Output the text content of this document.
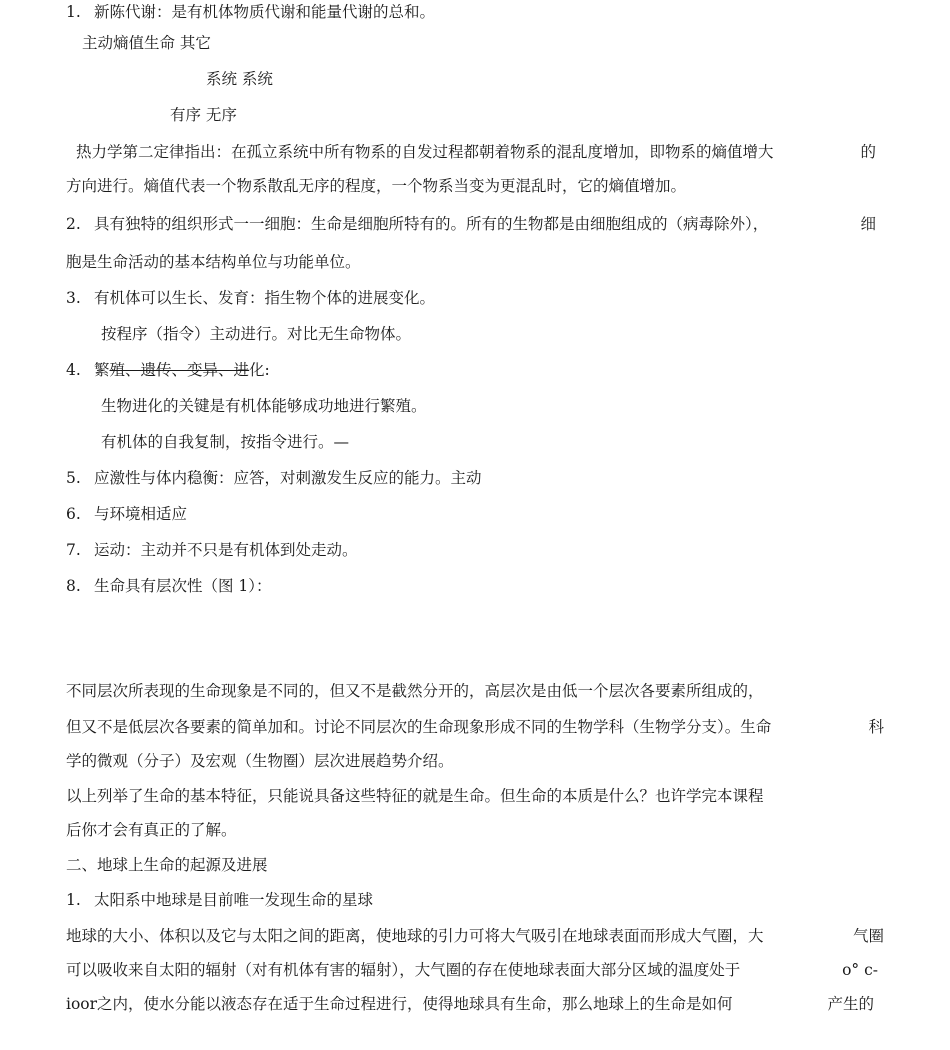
1. 新陈代谢：是有机体物质代谢和能量代谢的总和。
主动熵值生命 其它
系统 系统
有序 无序
热力学第二定律指出：在孤立系统中所有物系的自发过程都朝着物系的混乱度增加，即物系的熵值增大	的
方向进行。熵值代表一个物系散乱无序的程度，一个物系当变为更混乱时，它的熵值增加。
2. 具有独特的组织形式一一细胞：生命是细胞所特有的。所有的生物都是由细胞组成的（病毒除外），	细
胞是生命活动的基本结构单位与功能单位。
3. 有机体可以生长、发育：指生物个体的进展变化。
按程序（指令）主动进行。对比无生命物体。
4. 繁殖、遗传、变异、进化:
生物进化的关键是有机体能够成功地进行繁殖。
有机体的自我复制，按指令进行。—
5. 应激性与体内稳衡：应答，对刺激发生反应的能力。主动
6. 与环境相适应
7. 运动：主动并不只是有机体到处走动。
8. 生命具有层次性（图 1）：
不同层次所表现的生命现象是不同的，但又不是截然分开的，高层次是由低一个层次各要素所组成的，
但又不是低层次各要素的简单加和。讨论不同层次的生命现象形成不同的生物学科（生物学分支）。生命	科
学的微观（分子）及宏观（生物圈）层次进展趋势介绍。
以上列举了生命的基本特征，只能说具备这些特征的就是生命。但生命的本质是什么？也许学完本课程
后你才会有真正的了解。
二、地球上生命的起源及进展
1. 太阳系中地球是目前唯一发现生命的星球
地球的大小、体积以及它与太阳之间的距离，使地球的引力可将大气吸引在地球表面而形成大气圈，大	气圈
可以吸收来自太阳的辐射（对有机体有害的辐射），大气圈的存在使地球表面大部分区域的温度处于	o° c-
ioor之内，使水分能以液态存在适于生命过程进行，使得地球具有生命，那么地球上的生命是如何	产生的
